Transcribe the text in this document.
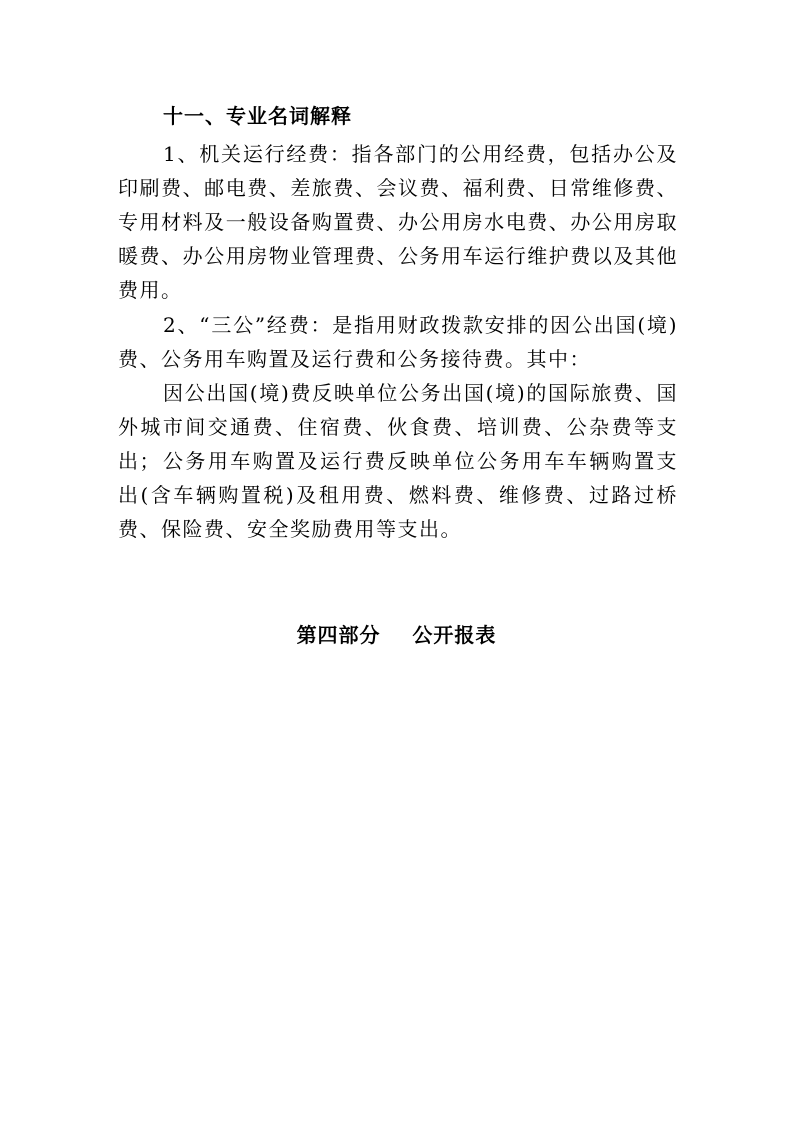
十一、专业名词解释

1、机关运行经费：指各部门的公用经费，包括办公及印刷费、邮电费、差旅费、会议费、福利费、日常维修费、专用材料及一般设备购置费、办公用房水电费、办公用房取暖费、办公用房物业管理费、公务用车运行维护费以及其他费用。

2、“三公”经费：是指用财政拨款安排的因公出国(境)费、公务用车购置及运行费和公务接待费。其中：

因公出国(境)费反映单位公务出国(境)的国际旅费、国外城市间交通费、住宿费、伙食费、培训费、公杂费等支出； 公务用车购置及运行费反映单位公务用车车辆购置支出(含车辆购置税)及租用费、燃料费、维修费、过路过桥费、保险费、安全奖励费用等支出。

第四部分    公开报表
